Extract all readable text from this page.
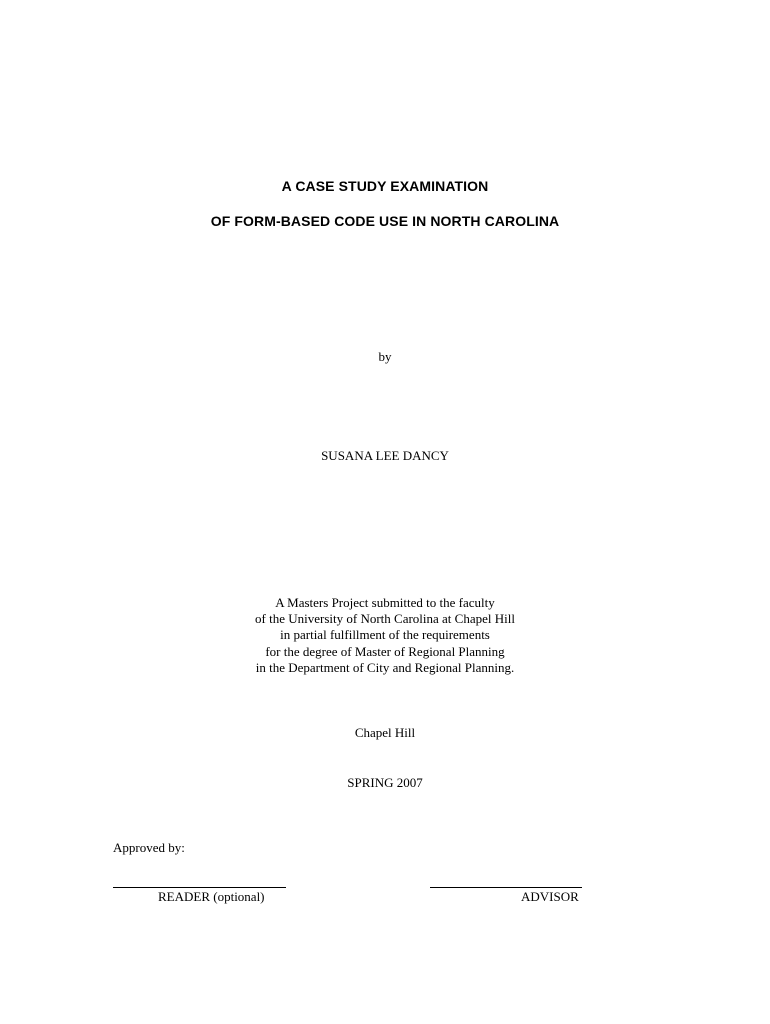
A CASE STUDY EXAMINATION
OF FORM-BASED CODE USE IN NORTH CAROLINA
by
SUSANA LEE DANCY
A Masters Project submitted to the faculty
of the University of North Carolina at Chapel Hill
in partial fulfillment of the requirements
for the degree of Master of Regional Planning
in the Department of City and Regional Planning.
Chapel Hill
SPRING 2007
Approved by:
READER (optional)	ADVISOR
